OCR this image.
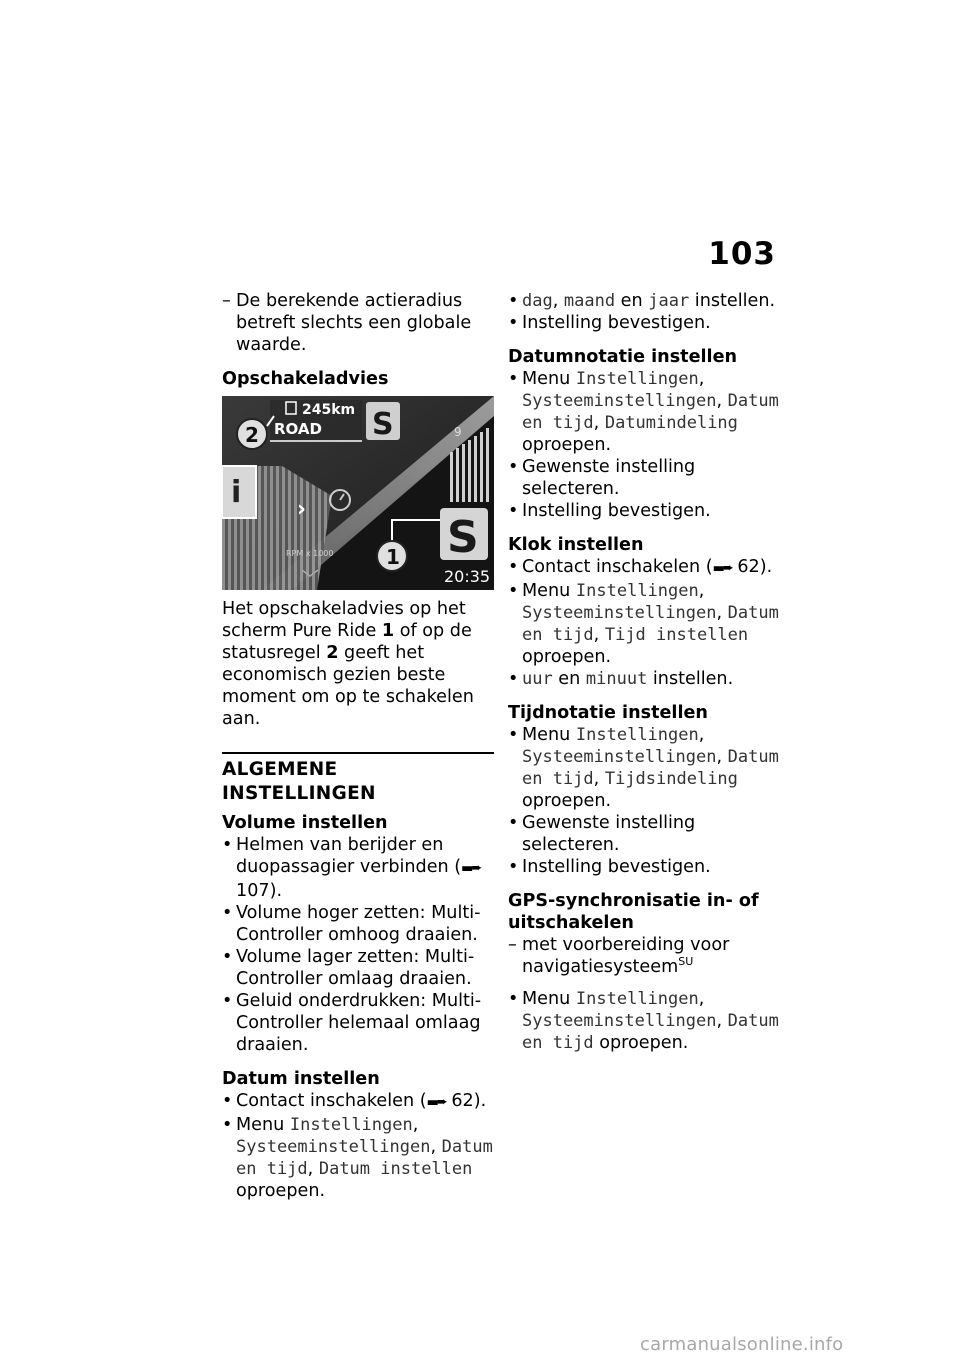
103

– De berekende actieradius betreft slechts een globale waarde.

Opschakeladvies
i
9
245km
ROAD S
2
›
S
1
RPM x 1000
20:35

Het opschakeladvies op het scherm Pure Ride 1 of op de statusregel 2 geeft het economisch gezien beste moment om op te schakelen aan.

ALGEMENE INSTELLINGEN
Volume instellen

• Helmen van berijder en duopassagier verbinden (▬➨ 107).

• Volume hoger zetten: Multi-Controller omhoog draaien.

• Volume lager zetten: Multi-Controller omlaag draaien.

• Geluid onderdrukken: Multi-Controller helemaal omlaag draaien.

Datum instellen

• Contact inschakelen (▬➨ 62).

• Menu Instellingen, Systeeminstellingen, Datum en tijd, Datum instellen oproepen.

• dag, maand en jaar instellen.

• Instelling bevestigen.

Datumnotatie instellen

• Menu Instellingen, Systeeminstellingen, Datum en tijd, Datumindeling oproepen.

• Gewenste instelling selecteren.

• Instelling bevestigen.

Klok instellen

• Contact inschakelen (▬➨ 62).

• Menu Instellingen, Systeeminstellingen, Datum en tijd, Tijd instellen oproepen.

• uur en minuut instellen.

Tijdnotatie instellen

• Menu Instellingen, Systeeminstellingen, Datum en tijd, Tijdsindeling oproepen.

• Gewenste instelling selecteren.

• Instelling bevestigen.

GPS-synchronisatie in- of uitschakelen

– met voorbereiding voor navigatiesysteem$^{SU}$

• Menu Instellingen, Systeeminstellingen, Datum en tijd oproepen.

carmanualsonline.info
